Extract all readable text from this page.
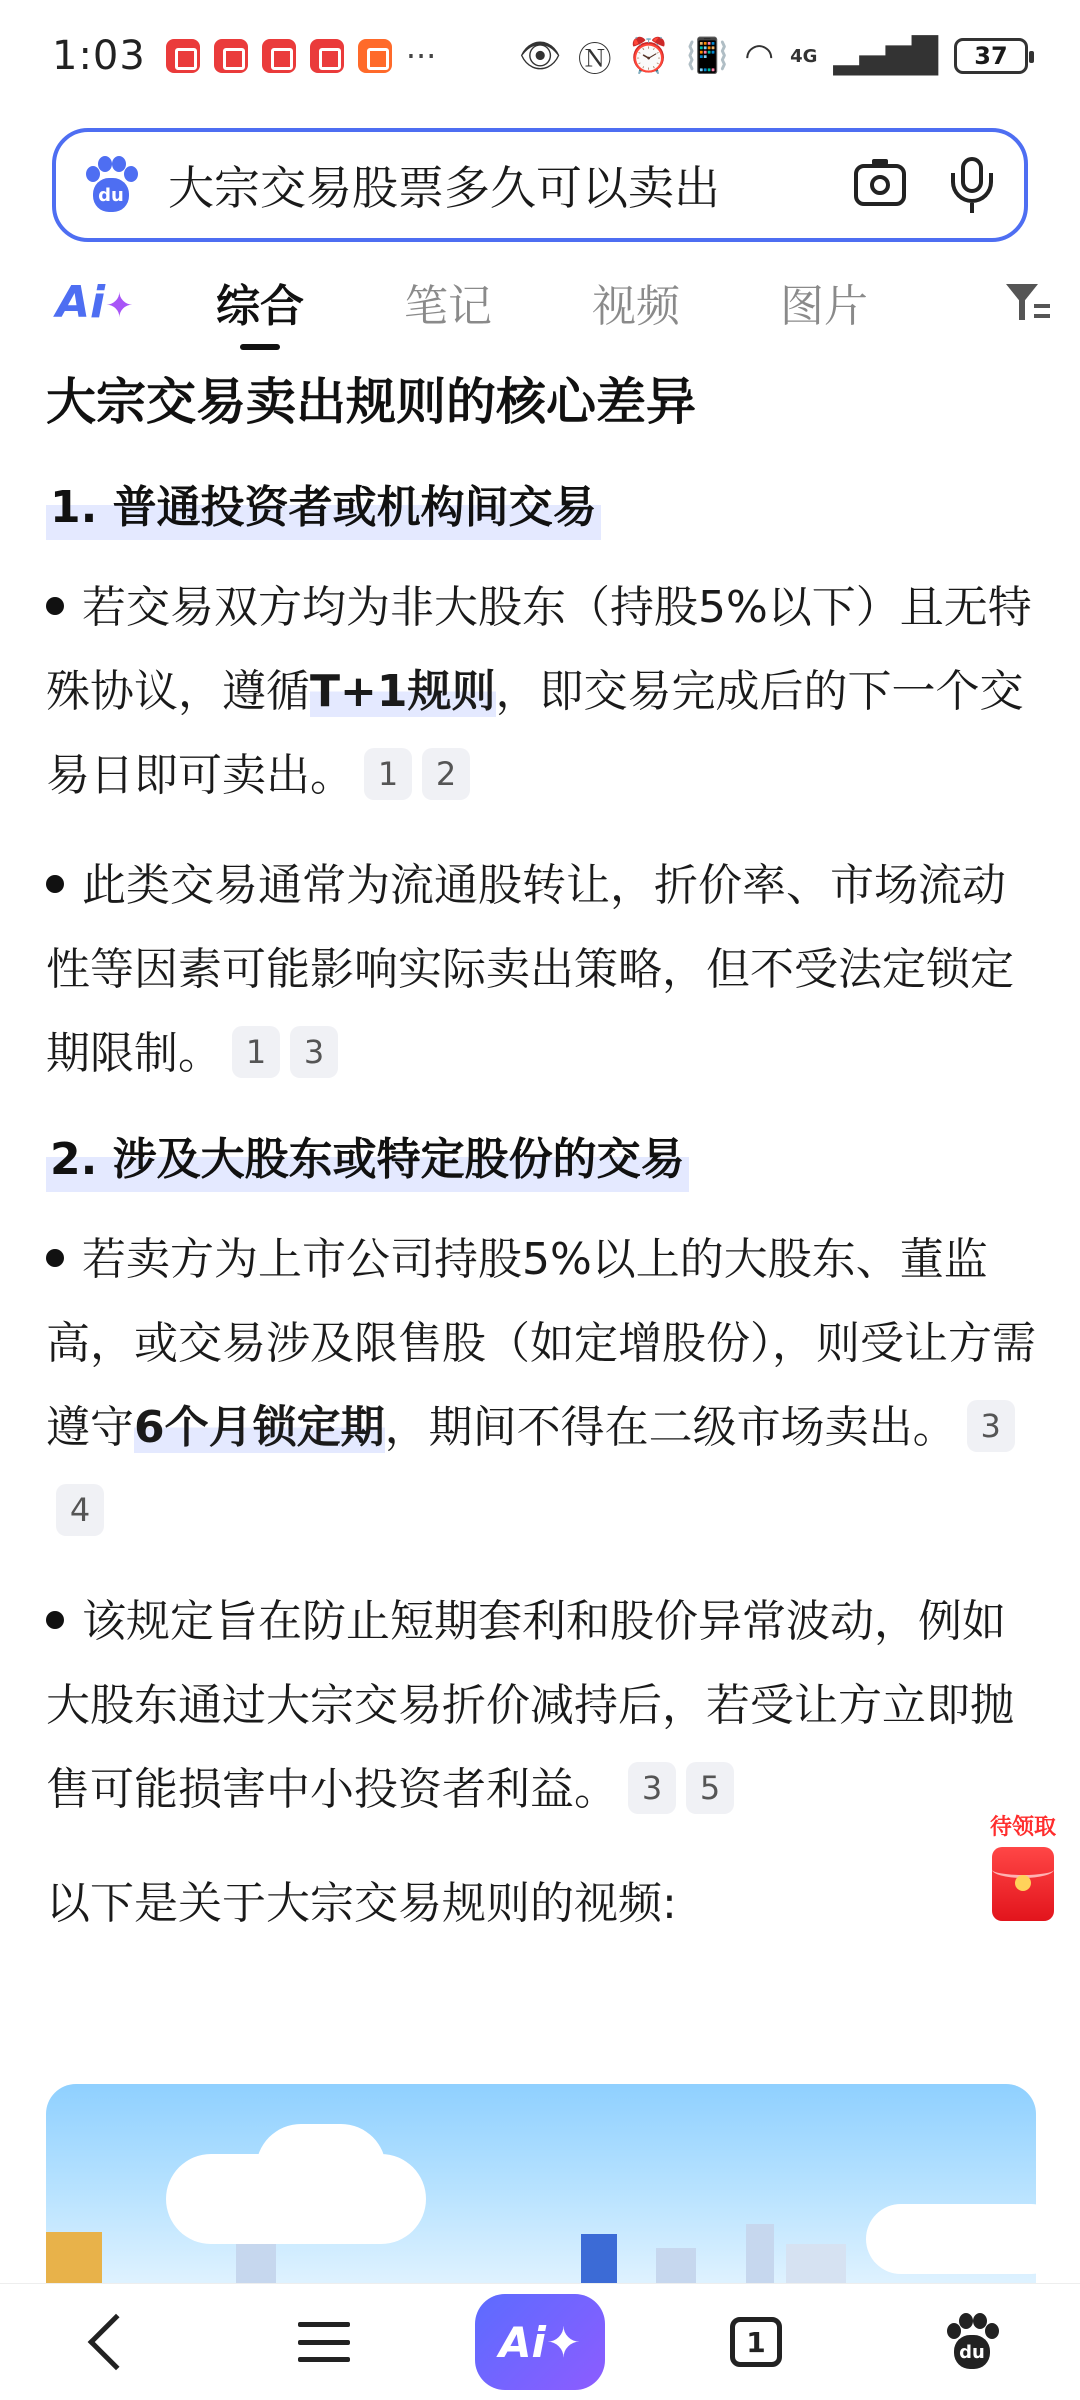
1:03	··· 👁 Ⓝ ⏰ 📳 ◠ 4G ▂▄▆█	37
du 大宗交易股票多久可以卖出
Ai✦	综合	笔记	视频	图片
大宗交易卖出规则的核心差异
1. 普通投资者或机构间交易
若交易双方均为非大股东（持股5%以下）且无特殊协议，遵循T+1规则，即交易完成后的下一个交易日即可卖出。 1 2
此类交易通常为流通股转让，折价率、市场流动性等因素可能影响实际卖出策略，但不受法定锁定期限制。 1 3
2. 涉及大股东或特定股份的交易
若卖方为上市公司持股5%以上的大股东、董监高，或交易涉及限售股（如定增股份），则受让方需遵守6个月锁定期，期间不得在二级市场卖出。 34
该规定旨在防止短期套利和股价异常波动，例如大股东通过大宗交易折价减持后，若受让方立即抛售可能损害中小投资者利益。 3 5
以下是关于大宗交易规则的视频:
待领取
Ai ✦	1	du
